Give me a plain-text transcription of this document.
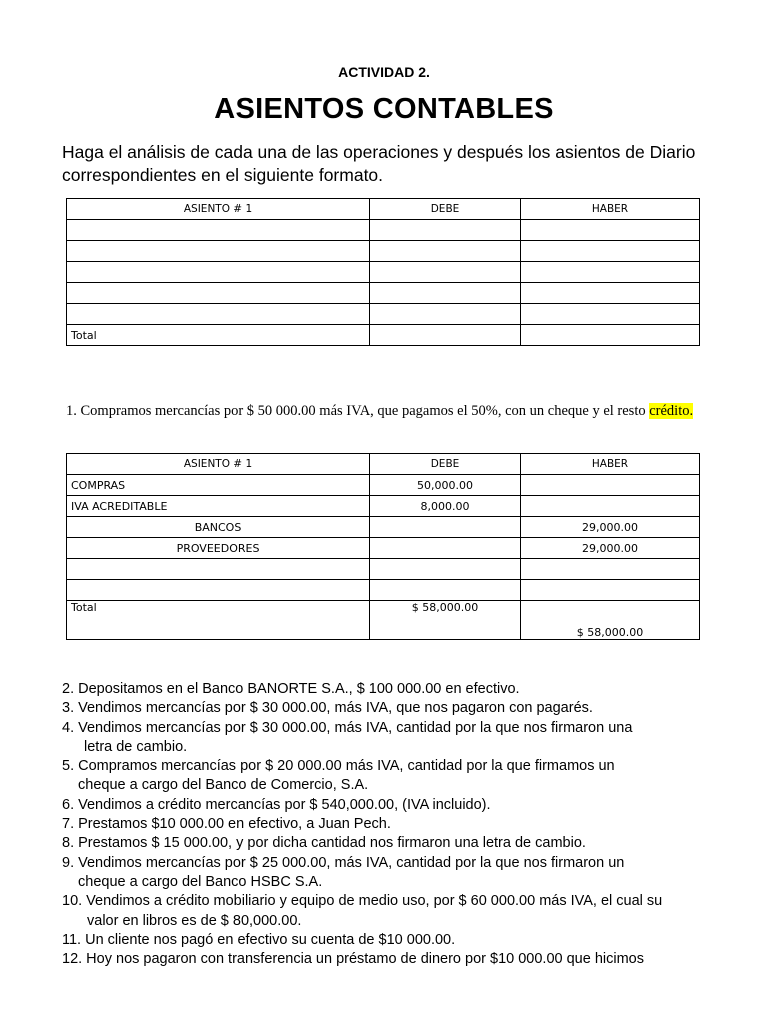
ACTIVIDAD 2.
ASIENTOS CONTABLES
Haga el análisis de cada una de las operaciones y después los asientos de Diario correspondientes en el siguiente formato.
ASIENTO # 1	DEBE	HABER

Total		
1. Compramos mercancías por $ 50 000.00 más IVA, que pagamos el 50%, con un cheque y el resto crédito.
ASIENTO # 1	DEBE	HABER
COMPRAS	50,000.00	
IVA ACREDITABLE	8,000.00	
BANCOS		29,000.00
PROVEEDORES		29,000.00

Total	$ 58,000.00	$ 58,000.00
2. Depositamos en el Banco BANORTE S.A., $ 100 000.00 en efectivo.
3. Vendimos mercancías por $ 30 000.00, más IVA, que nos pagaron con pagarés.
4. Vendimos mercancías por $ 30 000.00, más IVA, cantidad por la que nos firmaron una
letra de cambio.
5. Compramos mercancías por $ 20 000.00 más IVA, cantidad por la que firmamos un
cheque a cargo del Banco de Comercio, S.A.
6. Vendimos a crédito mercancías por $ 540,000.00, (IVA incluido).
7. Prestamos $10 000.00 en efectivo, a Juan Pech.
8. Prestamos $ 15 000.00, y por dicha cantidad nos firmaron una letra de cambio.
9. Vendimos mercancías por $ 25 000.00, más IVA, cantidad por la que nos firmaron un
cheque a cargo del Banco HSBC S.A.
10. Vendimos a crédito mobiliario y equipo de medio uso, por $ 60 000.00 más IVA, el cual su
valor en libros es de $ 80,000.00.
11. Un cliente nos pagó en efectivo su cuenta de $10 000.00.
12. Hoy nos pagaron con transferencia un préstamo de dinero por $10 000.00 que hicimos
